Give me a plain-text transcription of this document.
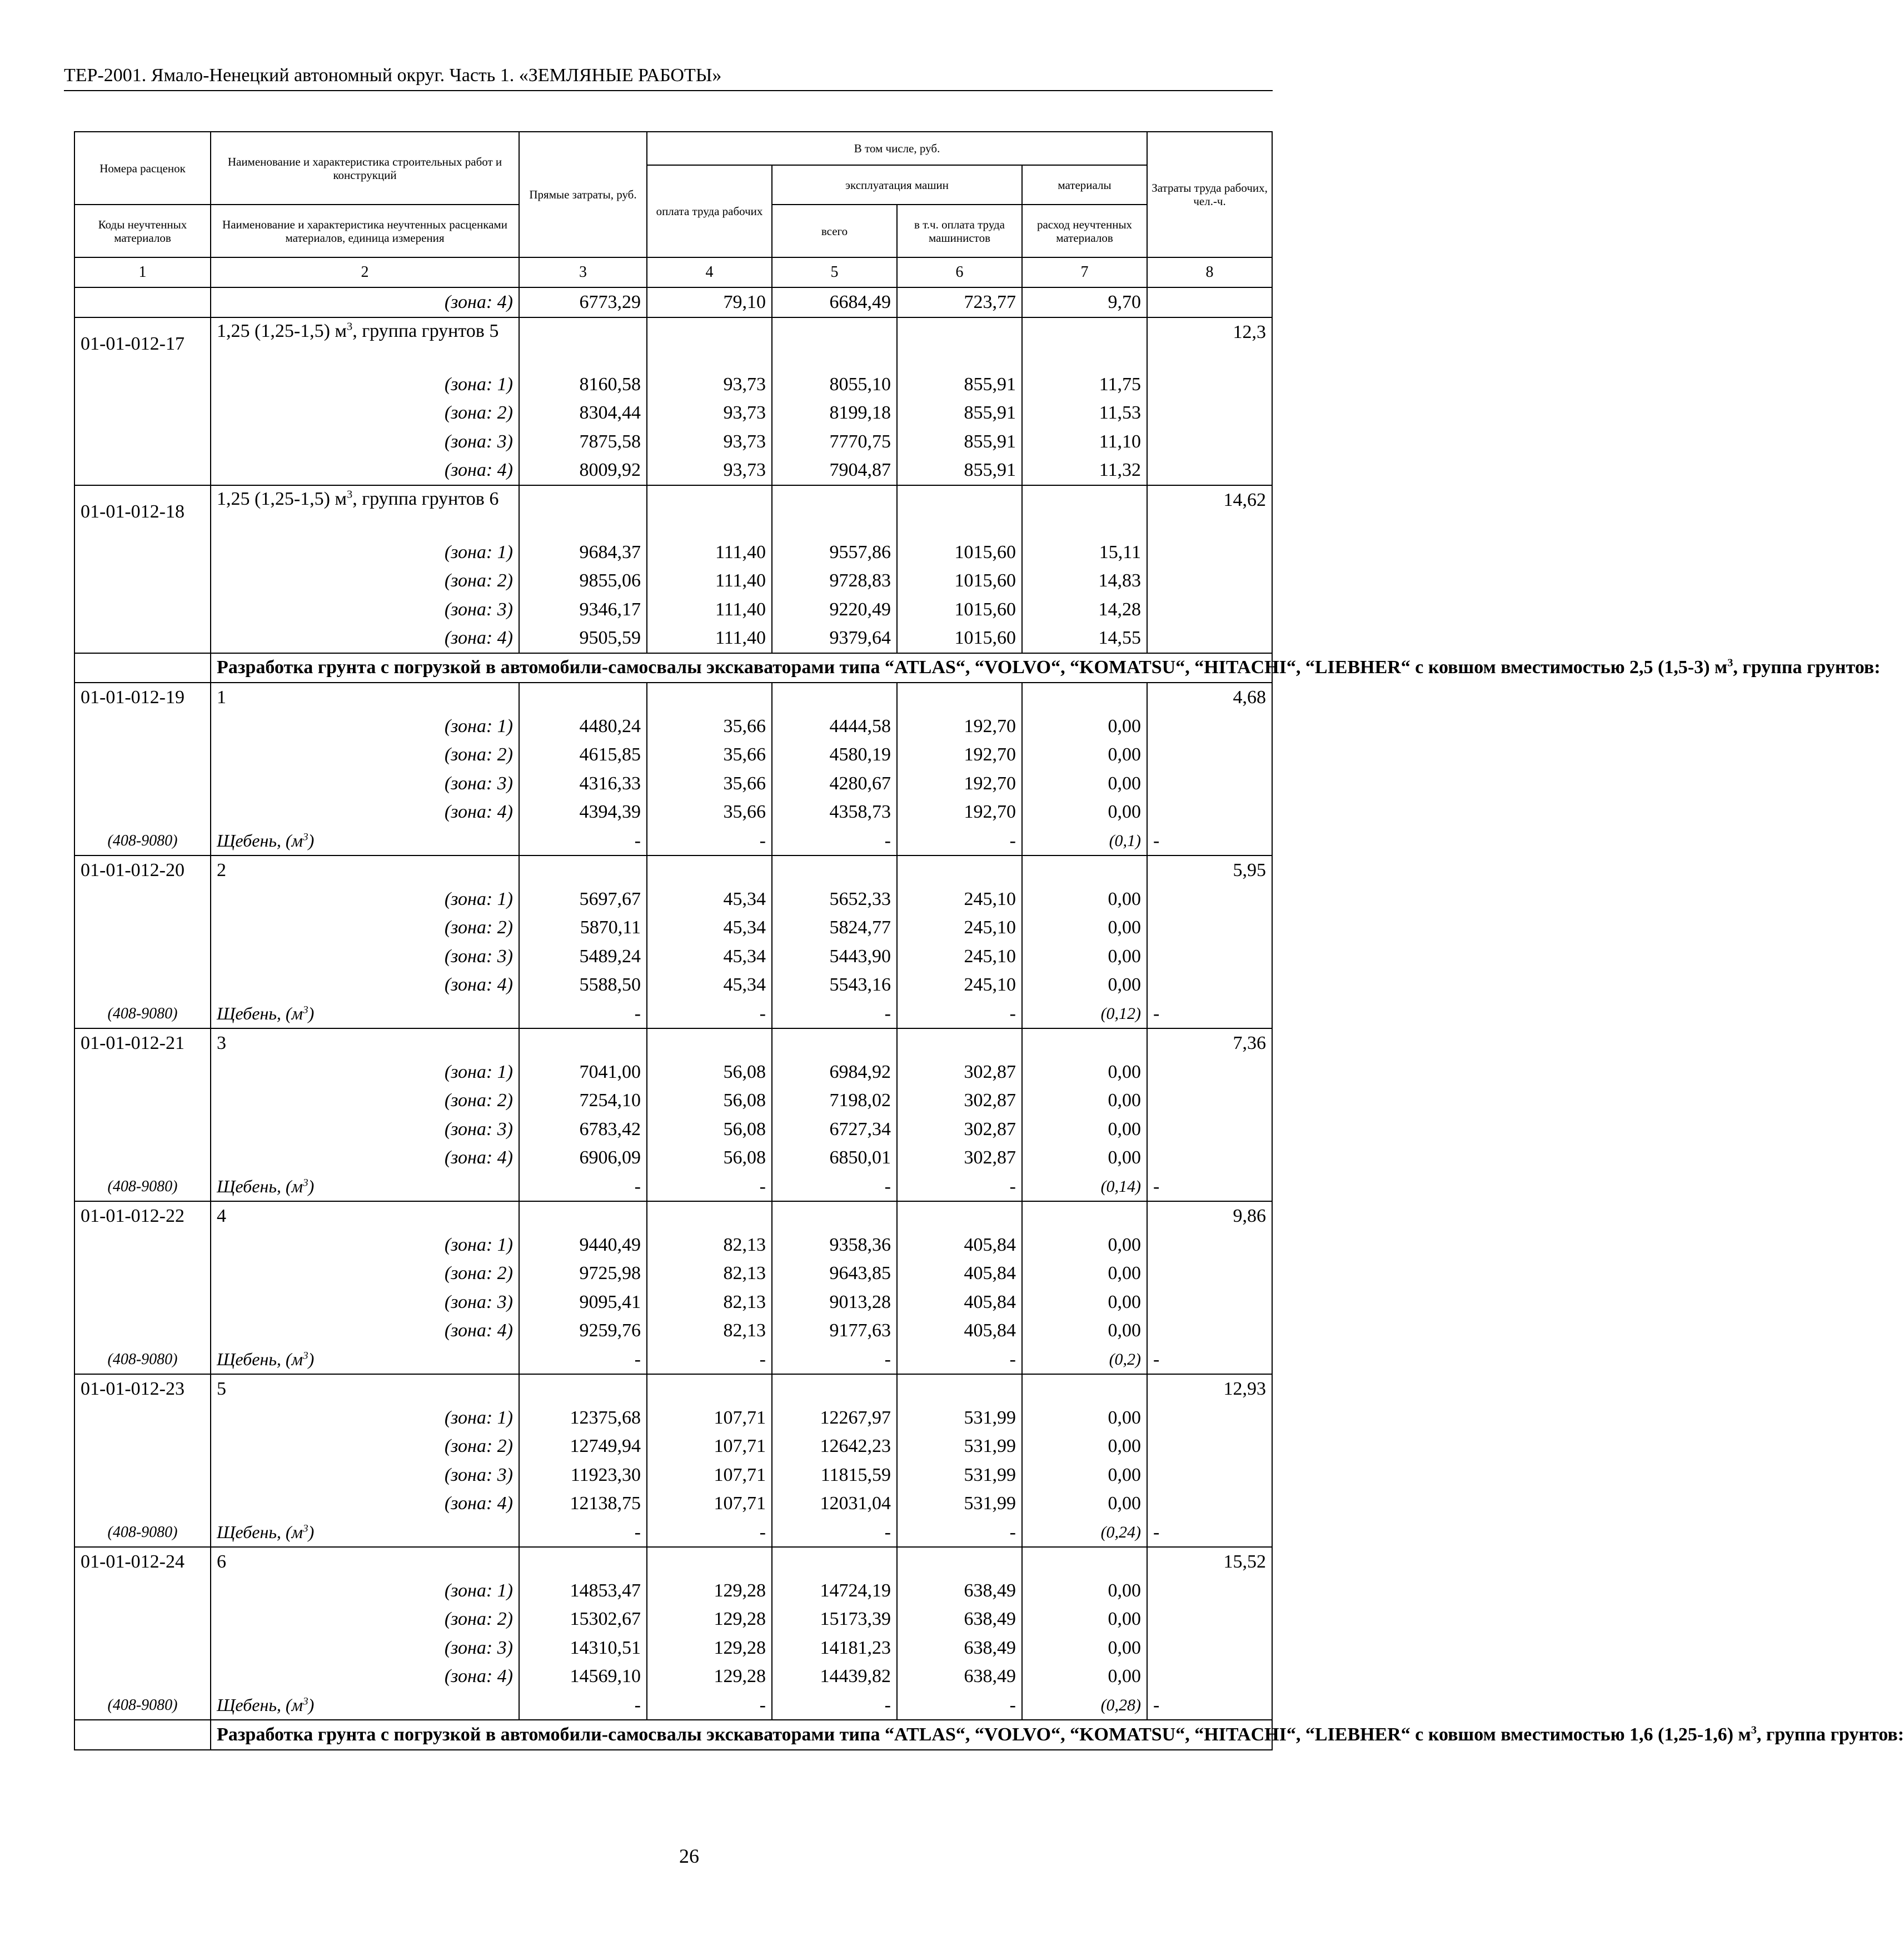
ТЕР-2001. Ямало-Ненецкий автономный округ. Часть 1. «ЗЕМЛЯНЫЕ РАБОТЫ»
Номера расценок	Наименование и характеристика строительных работ и конструкций	Прямые затраты, руб.	В том числе, руб.				Затраты труда рабочих, чел.-ч.
			оплата труда рабочих	эксплуатация машин		материалы	
Коды неучтенных материалов	Наименование и характеристика неучтенных расценками материалов, единица измерения			всего	в т.ч. оплата труда машинистов	расход неучтенных материалов	
1	2	3	4	5	6	7	8
	(зона: 4)	6773,29	79,10	6684,49	723,77	9,70	
01-01-012-17	1,25 (1,25-1,5) $м^3$, группа грунтов 5						12,3
	(зона: 1)	8160,58	93,73	8055,10	855,91	11,75	
	(зона: 2)	8304,44	93,73	8199,18	855,91	11,53	
	(зона: 3)	7875,58	93,73	7770,75	855,91	11,10	
	(зона: 4)	8009,92	93,73	7904,87	855,91	11,32	
01-01-012-18	1,25 (1,25-1,5) $м^3$, группа грунтов 6						14,62
	(зона: 1)	9684,37	111,40	9557,86	1015,60	15,11	
	(зона: 2)	9855,06	111,40	9728,83	1015,60	14,83	
	(зона: 3)	9346,17	111,40	9220,49	1015,60	14,28	
	(зона: 4)	9505,59	111,40	9379,64	1015,60	14,55	
	Разработка грунта с погрузкой в автомобили-самосвалы экскаваторами типа “ATLAS“, “VOLVO“, “KOMATSU“, “HITACHI“, “LIEBHER“ с ковшом вместимостью 2,5 (1,5-3) $м^3$, группа грунтов:						
01-01-012-19	1						4,68
	(зона: 1)	4480,24	35,66	4444,58	192,70	0,00	
	(зона: 2)	4615,85	35,66	4580,19	192,70	0,00	
	(зона: 3)	4316,33	35,66	4280,67	192,70	0,00	
	(зона: 4)	4394,39	35,66	4358,73	192,70	0,00	
(408-9080)	Щебень, $(м^3)$	-	-	-	-	(0,1)	-
01-01-012-20	2						5,95
	(зона: 1)	5697,67	45,34	5652,33	245,10	0,00	
	(зона: 2)	5870,11	45,34	5824,77	245,10	0,00	
	(зона: 3)	5489,24	45,34	5443,90	245,10	0,00	
	(зона: 4)	5588,50	45,34	5543,16	245,10	0,00	
(408-9080)	Щебень, $(м^3)$	-	-	-	-	(0,12)	-
01-01-012-21	3						7,36
	(зона: 1)	7041,00	56,08	6984,92	302,87	0,00	
	(зона: 2)	7254,10	56,08	7198,02	302,87	0,00	
	(зона: 3)	6783,42	56,08	6727,34	302,87	0,00	
	(зона: 4)	6906,09	56,08	6850,01	302,87	0,00	
(408-9080)	Щебень, $(м^3)$	-	-	-	-	(0,14)	-
01-01-012-22	4						9,86
	(зона: 1)	9440,49	82,13	9358,36	405,84	0,00	
	(зона: 2)	9725,98	82,13	9643,85	405,84	0,00	
	(зона: 3)	9095,41	82,13	9013,28	405,84	0,00	
	(зона: 4)	9259,76	82,13	9177,63	405,84	0,00	
(408-9080)	Щебень, $(м^3)$	-	-	-	-	(0,2)	-
01-01-012-23	5						12,93
	(зона: 1)	12375,68	107,71	12267,97	531,99	0,00	
	(зона: 2)	12749,94	107,71	12642,23	531,99	0,00	
	(зона: 3)	11923,30	107,71	11815,59	531,99	0,00	
	(зона: 4)	12138,75	107,71	12031,04	531,99	0,00	
(408-9080)	Щебень, $(м^3)$	-	-	-	-	(0,24)	-
01-01-012-24	6						15,52
	(зона: 1)	14853,47	129,28	14724,19	638,49	0,00	
	(зона: 2)	15302,67	129,28	15173,39	638,49	0,00	
	(зона: 3)	14310,51	129,28	14181,23	638,49	0,00	
	(зона: 4)	14569,10	129,28	14439,82	638,49	0,00	
(408-9080)	Щебень, $(м^3)$	-	-	-	-	(0,28)	-
	Разработка грунта с погрузкой в автомобили-самосвалы экскаваторами типа “ATLAS“, “VOLVO“, “KOMATSU“, “HITACHI“, “LIEBHER“ с ковшом вместимостью 1,6 (1,25-1,6) $м^3$, группа грунтов:						
26
